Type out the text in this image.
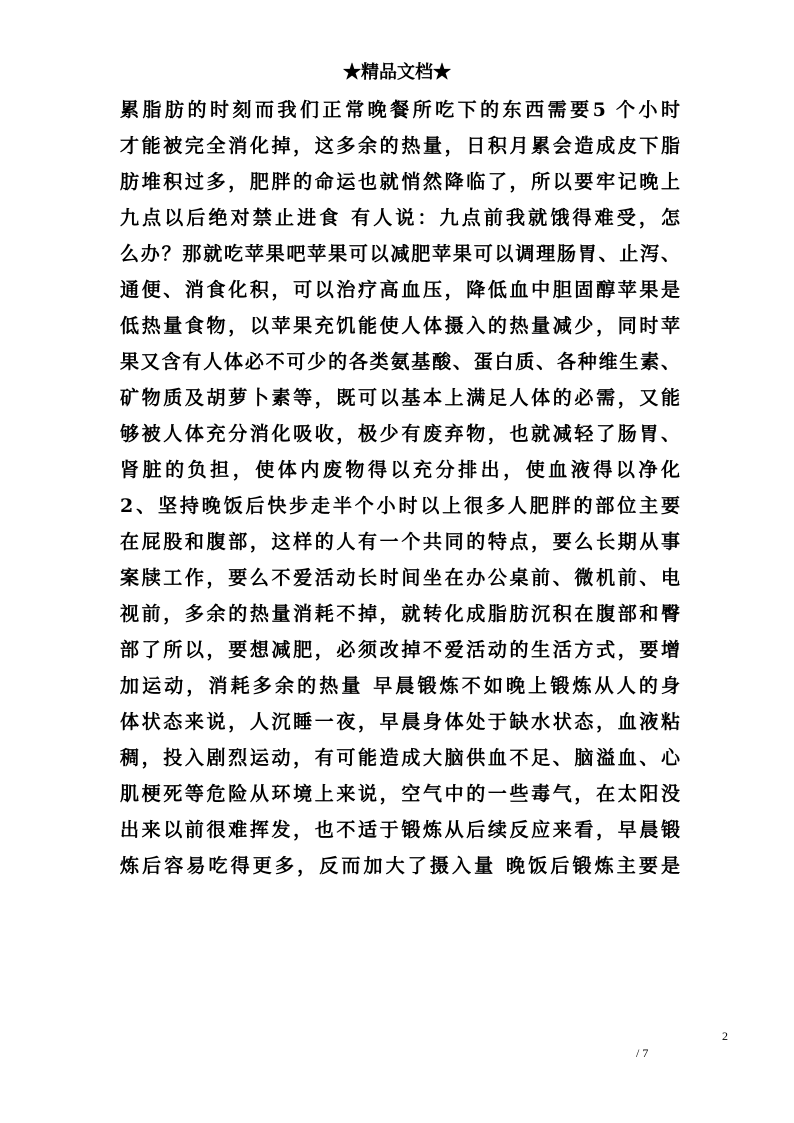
★精品文档★
累脂肪的时刻而我们正常晚餐所吃下的东西需要5 个小时
才能被完全消化掉，这多余的热量，日积月累会造成皮下脂
肪堆积过多，肥胖的命运也就悄然降临了，所以要牢记晚上
九点以后绝对禁止进食 有人说：九点前我就饿得难受，怎
么办？那就吃苹果吧苹果可以减肥苹果可以调理肠胃、止泻、
通便、消食化积，可以治疗高血压，降低血中胆固醇苹果是
低热量食物，以苹果充饥能使人体摄入的热量减少，同时苹
果又含有人体必不可少的各类氨基酸、蛋白质、各种维生素、
矿物质及胡萝卜素等，既可以基本上满足人体的必需，又能
够被人体充分消化吸收，极少有废弃物，也就减轻了肠胃、
肾脏的负担，使体内废物得以充分排出，使血液得以净化
2、坚持晚饭后快步走半个小时以上很多人肥胖的部位主要
在屁股和腹部，这样的人有一个共同的特点，要么长期从事
案牍工作，要么不爱活动长时间坐在办公桌前、微机前、电
视前，多余的热量消耗不掉，就转化成脂肪沉积在腹部和臀
部了所以，要想减肥，必须改掉不爱活动的生活方式，要增
加运动，消耗多余的热量 早晨锻炼不如晚上锻炼从人的身
体状态来说，人沉睡一夜，早晨身体处于缺水状态，血液粘
稠，投入剧烈运动，有可能造成大脑供血不足、脑溢血、心
肌梗死等危险从环境上来说，空气中的一些毒气，在太阳没
出来以前很难挥发，也不适于锻炼从后续反应来看，早晨锻
炼后容易吃得更多，反而加大了摄入量 晚饭后锻炼主要是
2
/ 7
